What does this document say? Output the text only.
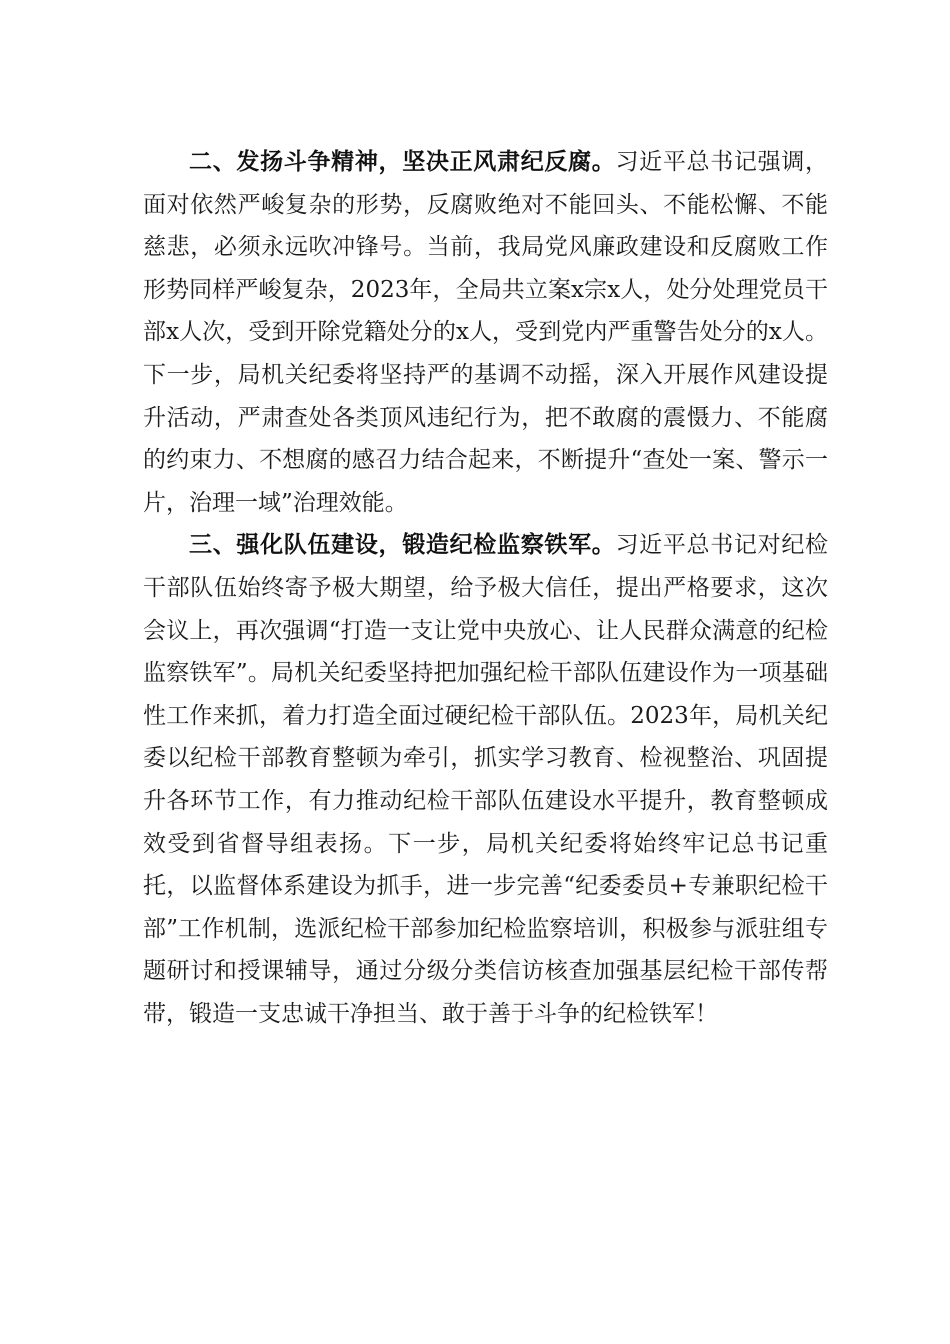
二、发扬斗争精神，坚决正风肃纪反腐。习近平总书记强调，面对依然严峻复杂的形势，反腐败绝对不能回头、不能松懈、不能慈悲，必须永远吹冲锋号。当前，我局党风廉政建设和反腐败工作形势同样严峻复杂，2023年，全局共立案x宗x人，处分处理党员干部x人次，受到开除党籍处分的x人，受到党内严重警告处分的x人。下一步，局机关纪委将坚持严的基调不动摇，深入开展作风建设提升活动，严肃查处各类顶风违纪行为，把不敢腐的震慑力、不能腐的约束力、不想腐的感召力结合起来，不断提升“查处一案、警示一片，治理一域”治理效能。

三、强化队伍建设，锻造纪检监察铁军。习近平总书记对纪检干部队伍始终寄予极大期望，给予极大信任，提出严格要求，这次会议上，再次强调“打造一支让党中央放心、让人民群众满意的纪检监察铁军”。局机关纪委坚持把加强纪检干部队伍建设作为一项基础性工作来抓，着力打造全面过硬纪检干部队伍。2023年，局机关纪委以纪检干部教育整顿为牵引，抓实学习教育、检视整治、巩固提升各环节工作，有力推动纪检干部队伍建设水平提升，教育整顿成效受到省督导组表扬。下一步，局机关纪委将始终牢记总书记重托，以监督体系建设为抓手，进一步完善“纪委委员+专兼职纪检干部”工作机制，选派纪检干部参加纪检监察培训，积极参与派驻组专题研讨和授课辅导，通过分级分类信访核查加强基层纪检干部传帮带，锻造一支忠诚干净担当、敢于善于斗争的纪检铁军！
